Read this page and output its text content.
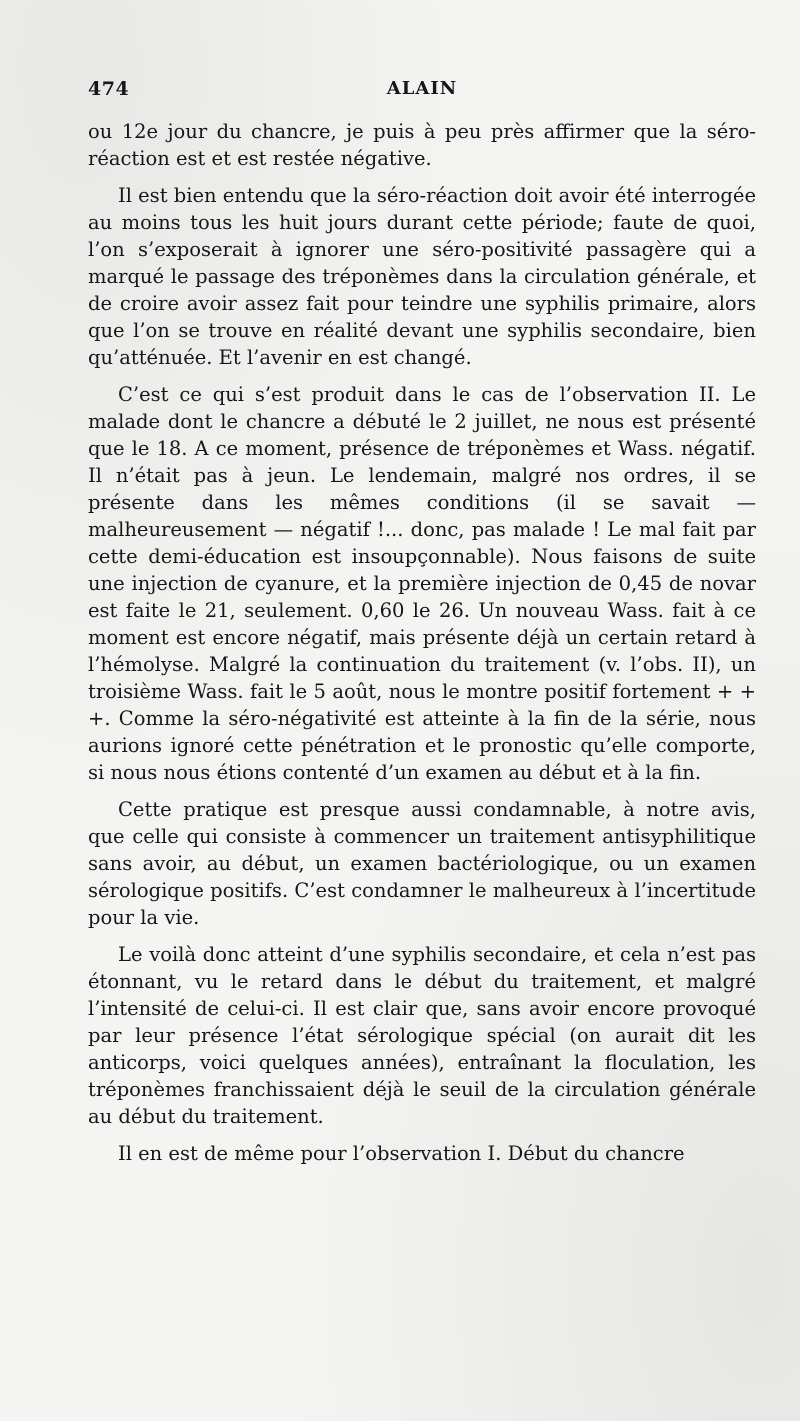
474	ALAIN

ou 12e jour du chancre, je puis à peu près affirmer que la séro-réaction est et est restée négative.

Il est bien entendu que la séro-réaction doit avoir été interrogée au moins tous les huit jours durant cette période; faute de quoi, l’on s’exposerait à ignorer une séro-positivité passagère qui a marqué le passage des tréponèmes dans la circulation générale, et de croire avoir assez fait pour teindre une syphilis primaire, alors que l’on se trouve en réalité devant une syphilis secondaire, bien qu’atténuée. Et l’avenir en est changé.

C’est ce qui s’est produit dans le cas de l’observation II. Le malade dont le chancre a débuté le 2 juillet, ne nous est présenté que le 18. A ce moment, présence de tréponèmes et Wass. négatif. Il n’était pas à jeun. Le lendemain, malgré nos ordres, il se présente dans les mêmes conditions (il se savait — malheureusement — négatif !... donc, pas malade ! Le mal fait par cette demi-éducation est insoupçonnable). Nous faisons de suite une injection de cyanure, et la première injection de 0,45 de novar est faite le 21, seulement. 0,60 le 26. Un nouveau Wass. fait à ce moment est encore négatif, mais présente déjà un certain retard à l’hémolyse. Malgré la continuation du traitement (v. l’obs. II), un troisième Wass. fait le 5 août, nous le montre positif fortement + + +. Comme la séro-négativité est atteinte à la fin de la série, nous aurions ignoré cette pénétration et le pronostic qu’elle comporte, si nous nous étions contenté d’un examen au début et à la fin.

Cette pratique est presque aussi condamnable, à notre avis, que celle qui consiste à commencer un traitement antisyphilitique sans avoir, au début, un examen bactériologique, ou un examen sérologique positifs. C’est condamner le malheureux à l’incertitude pour la vie.

Le voilà donc atteint d’une syphilis secondaire, et cela n’est pas étonnant, vu le retard dans le début du traitement, et malgré l’intensité de celui-ci. Il est clair que, sans avoir encore provoqué par leur présence l’état sérologique spécial (on aurait dit les anticorps, voici quelques années), entraînant la floculation, les tréponèmes franchissaient déjà le seuil de la circulation générale au début du traitement.

Il en est de même pour l’observation I. Début du chancre
